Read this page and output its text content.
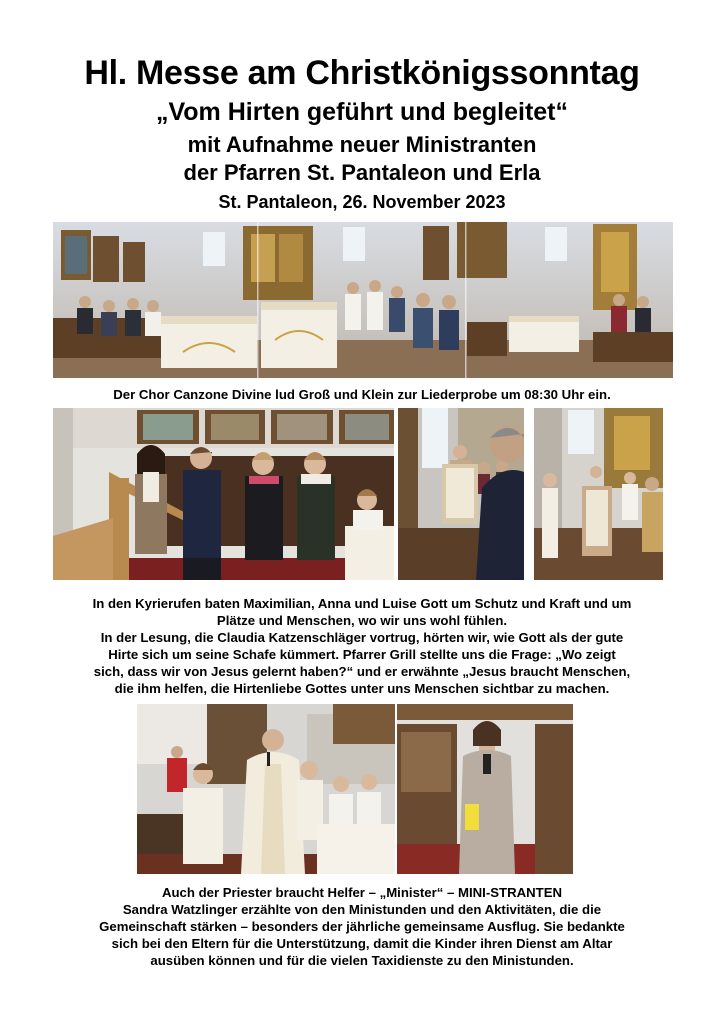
Hl. Messe am Christkönigssonntag
„Vom Hirten geführt und begleitet“
mit Aufnahme neuer Ministranten
der Pfarren St. Pantaleon und Erla
St. Pantaleon, 26. November 2023
Der Chor Canzone Divine lud Groß und Klein zur Liederprobe um 08:30 Uhr ein.
In den Kyrierufen baten Maximilian, Anna und Luise Gott um Schutz und Kraft und um
Plätze und Menschen, wo wir uns wohl fühlen.
In der Lesung, die Claudia Katzenschläger vortrug, hörten wir, wie Gott als der gute
Hirte sich um seine Schafe kümmert. Pfarrer Grill stellte uns die Frage: „Wo zeigt
sich, dass wir von Jesus gelernt haben?“ und er erwähnte „Jesus braucht Menschen,
die ihm helfen, die Hirtenliebe Gottes unter uns Menschen sichtbar zu machen.
Auch der Priester braucht Helfer – „Minister“ – MINI-STRANTEN
Sandra Watzlinger erzählte von den Ministunden und den Aktivitäten, die die
Gemeinschaft stärken – besonders der jährliche gemeinsame Ausflug. Sie bedankte
sich bei den Eltern für die Unterstützung, damit die Kinder ihren Dienst am Altar
ausüben können und für die vielen Taxidienste zu den Ministunden.
